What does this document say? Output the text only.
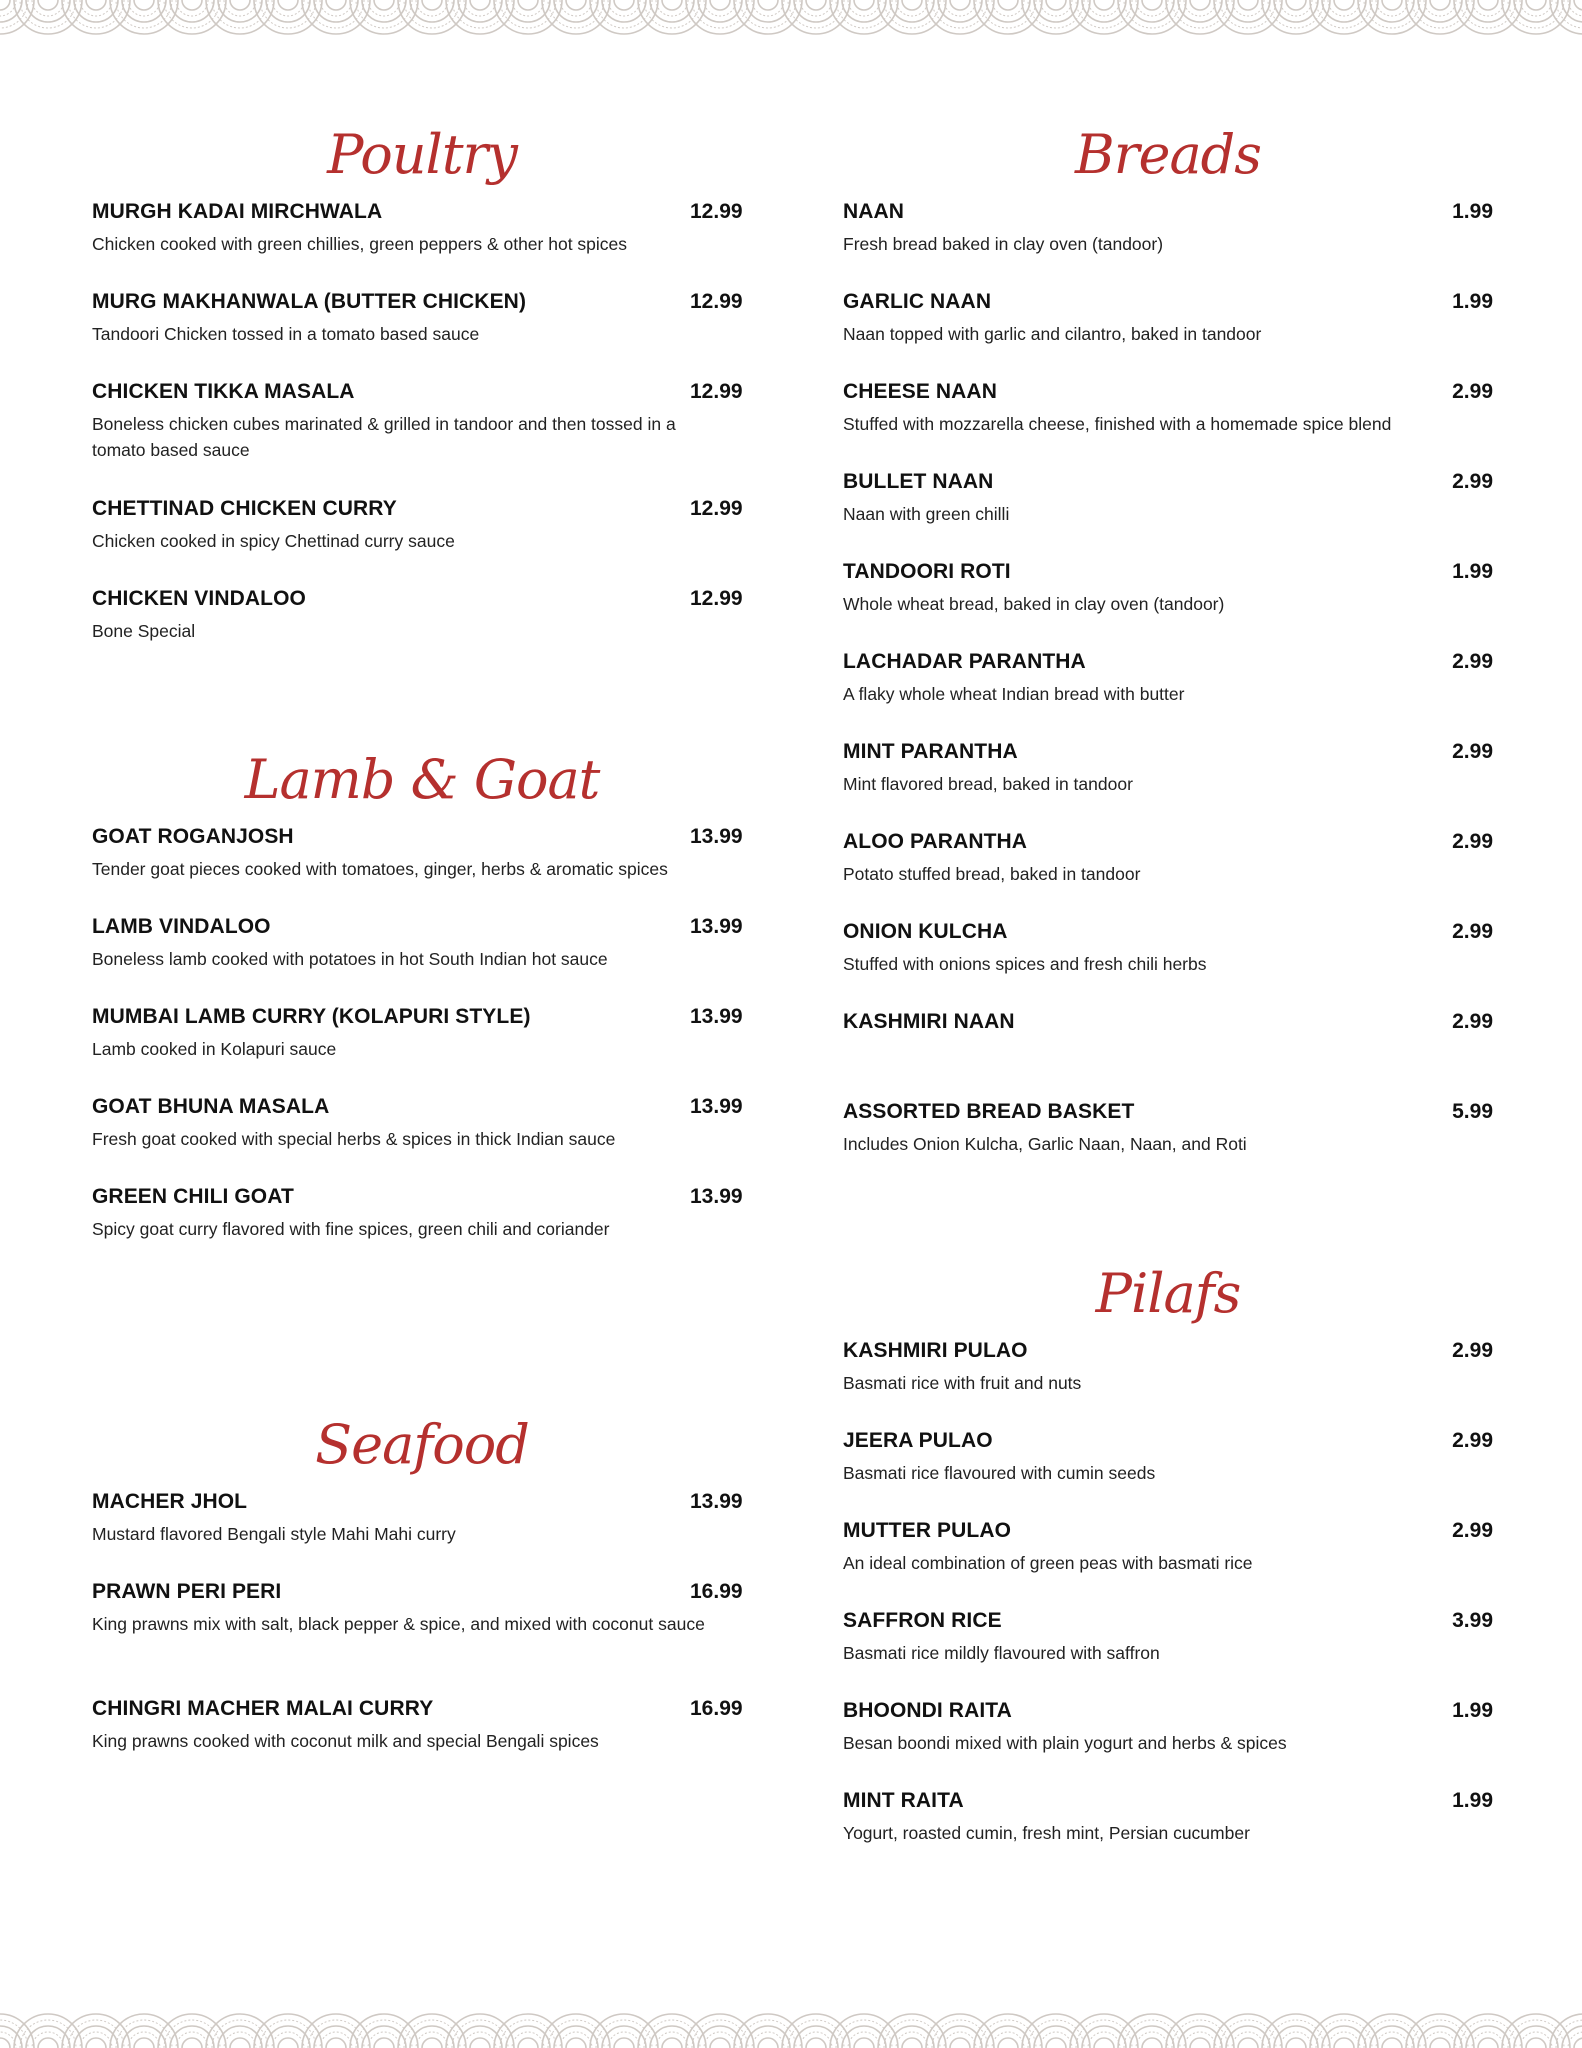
Poultry
MURGH KADAI MIRCHWALA	12.99
Chicken cooked with green chillies, green peppers & other hot spices
MURG MAKHANWALA (BUTTER CHICKEN)	12.99
Tandoori Chicken tossed in a tomato based sauce
CHICKEN TIKKA MASALA	12.99
Boneless chicken cubes marinated & grilled in tandoor and then tossed in a tomato based sauce
CHETTINAD CHICKEN CURRY	12.99
Chicken cooked in spicy Chettinad curry sauce
CHICKEN VINDALOO	12.99
Bone Special
Lamb & Goat
GOAT ROGANJOSH	13.99
Tender goat pieces cooked with tomatoes, ginger, herbs & aromatic spices
LAMB VINDALOO	13.99
Boneless lamb cooked with potatoes in hot South Indian hot sauce
MUMBAI LAMB CURRY (KOLAPURI STYLE)	13.99
Lamb cooked in Kolapuri sauce
GOAT BHUNA MASALA	13.99
Fresh goat cooked with special herbs & spices in thick Indian sauce
GREEN CHILI GOAT	13.99
Spicy goat curry flavored with fine spices, green chili and coriander
Seafood
MACHER JHOL	13.99
Mustard flavored Bengali style Mahi Mahi curry
PRAWN PERI PERI	16.99
King prawns mix with salt, black pepper & spice, and mixed with coconut sauce
CHINGRI MACHER MALAI CURRY	16.99
King prawns cooked with coconut milk and special Bengali spices
Breads
NAAN	1.99
Fresh bread baked in clay oven (tandoor)
GARLIC NAAN	1.99
Naan topped with garlic and cilantro, baked in tandoor
CHEESE NAAN	2.99
Stuffed with mozzarella cheese, finished with a homemade spice blend
BULLET NAAN	2.99
Naan with green chilli
TANDOORI ROTI	1.99
Whole wheat bread, baked in clay oven (tandoor)
LACHADAR PARANTHA	2.99
A flaky whole wheat Indian bread with butter
MINT PARANTHA	2.99
Mint flavored bread, baked in tandoor
ALOO PARANTHA	2.99
Potato stuffed bread, baked in tandoor
ONION KULCHA	2.99
Stuffed with onions spices and fresh chili herbs
KASHMIRI NAAN	2.99
ASSORTED BREAD BASKET	5.99
Includes Onion Kulcha, Garlic Naan, Naan, and Roti
Pilafs
KASHMIRI PULAO	2.99
Basmati rice with fruit and nuts
JEERA PULAO	2.99
Basmati rice flavoured with cumin seeds
MUTTER PULAO	2.99
An ideal combination of green peas with basmati rice
SAFFRON RICE	3.99
Basmati rice mildly flavoured with saffron
BHOONDI RAITA	1.99
Besan boondi mixed with plain yogurt and herbs & spices
MINT RAITA	1.99
Yogurt, roasted cumin, fresh mint, Persian cucumber
